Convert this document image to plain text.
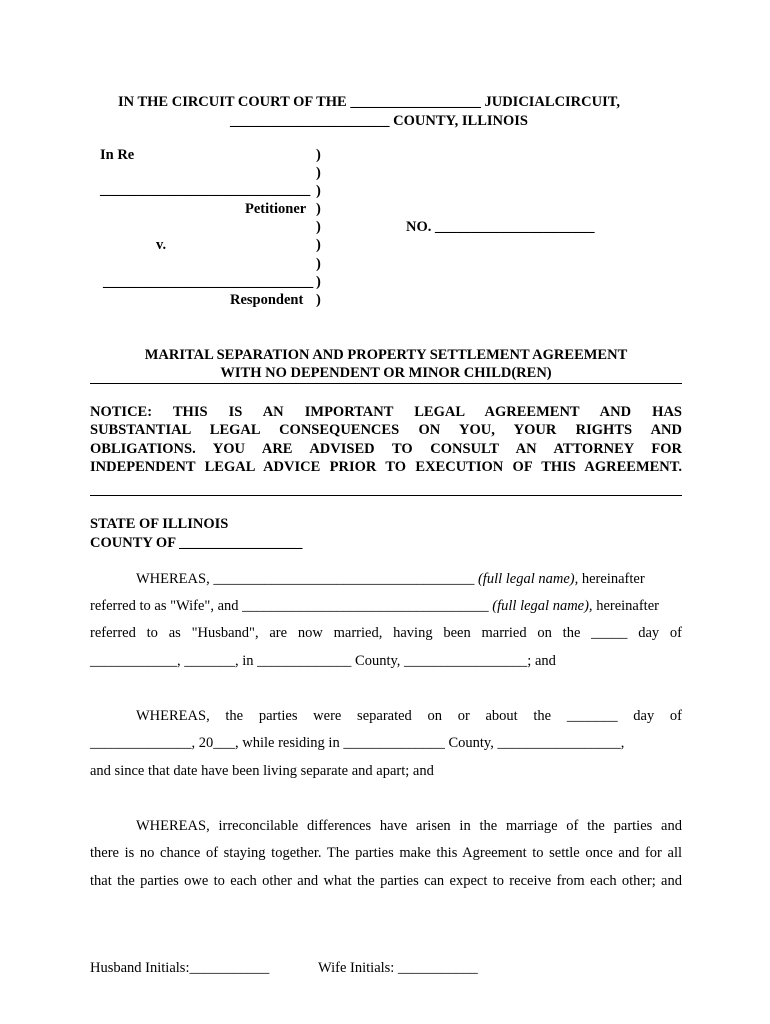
IN THE CIRCUIT COURT OF THE __________________ JUDICIALCIRCUIT,
______________________ COUNTY, ILLINOIS
In Re
_____________________________
Petitioner
v.
_____________________________
Respondent
NO. ______________________
)
)
)
)
)
)
)
)
)
MARITAL SEPARATION AND PROPERTY SETTLEMENT AGREEMENT
WITH NO DEPENDENT OR MINOR CHILD(REN)
NOTICE: THIS IS AN IMPORTANT LEGAL AGREEMENT AND HAS
SUBSTANTIAL LEGAL CONSEQUENCES ON YOU, YOUR RIGHTS AND
OBLIGATIONS. YOU ARE ADVISED TO CONSULT AN ATTORNEY FOR
INDEPENDENT LEGAL ADVICE PRIOR TO EXECUTION OF THIS AGREEMENT.
STATE OF ILLINOIS
COUNTY OF _________________
WHEREAS, ____________________________________ (full legal name), hereinafter
referred to as "Wife", and __________________________________ (full legal name), hereinafter
referred to as "Husband", are now married, having been married on the _____ day of
____________, _______, in _____________ County, _________________; and
WHEREAS, the parties were separated on or about the _______ day of
______________, 20___, while residing in ______________ County, _________________,
and since that date have been living separate and apart; and
WHEREAS, irreconcilable differences have arisen in the marriage of the parties and
there is no chance of staying together. The parties make this Agreement to settle once and for all
that the parties owe to each other and what the parties can expect to receive from each other; and
Husband Initials:___________	Wife Initials: ___________
